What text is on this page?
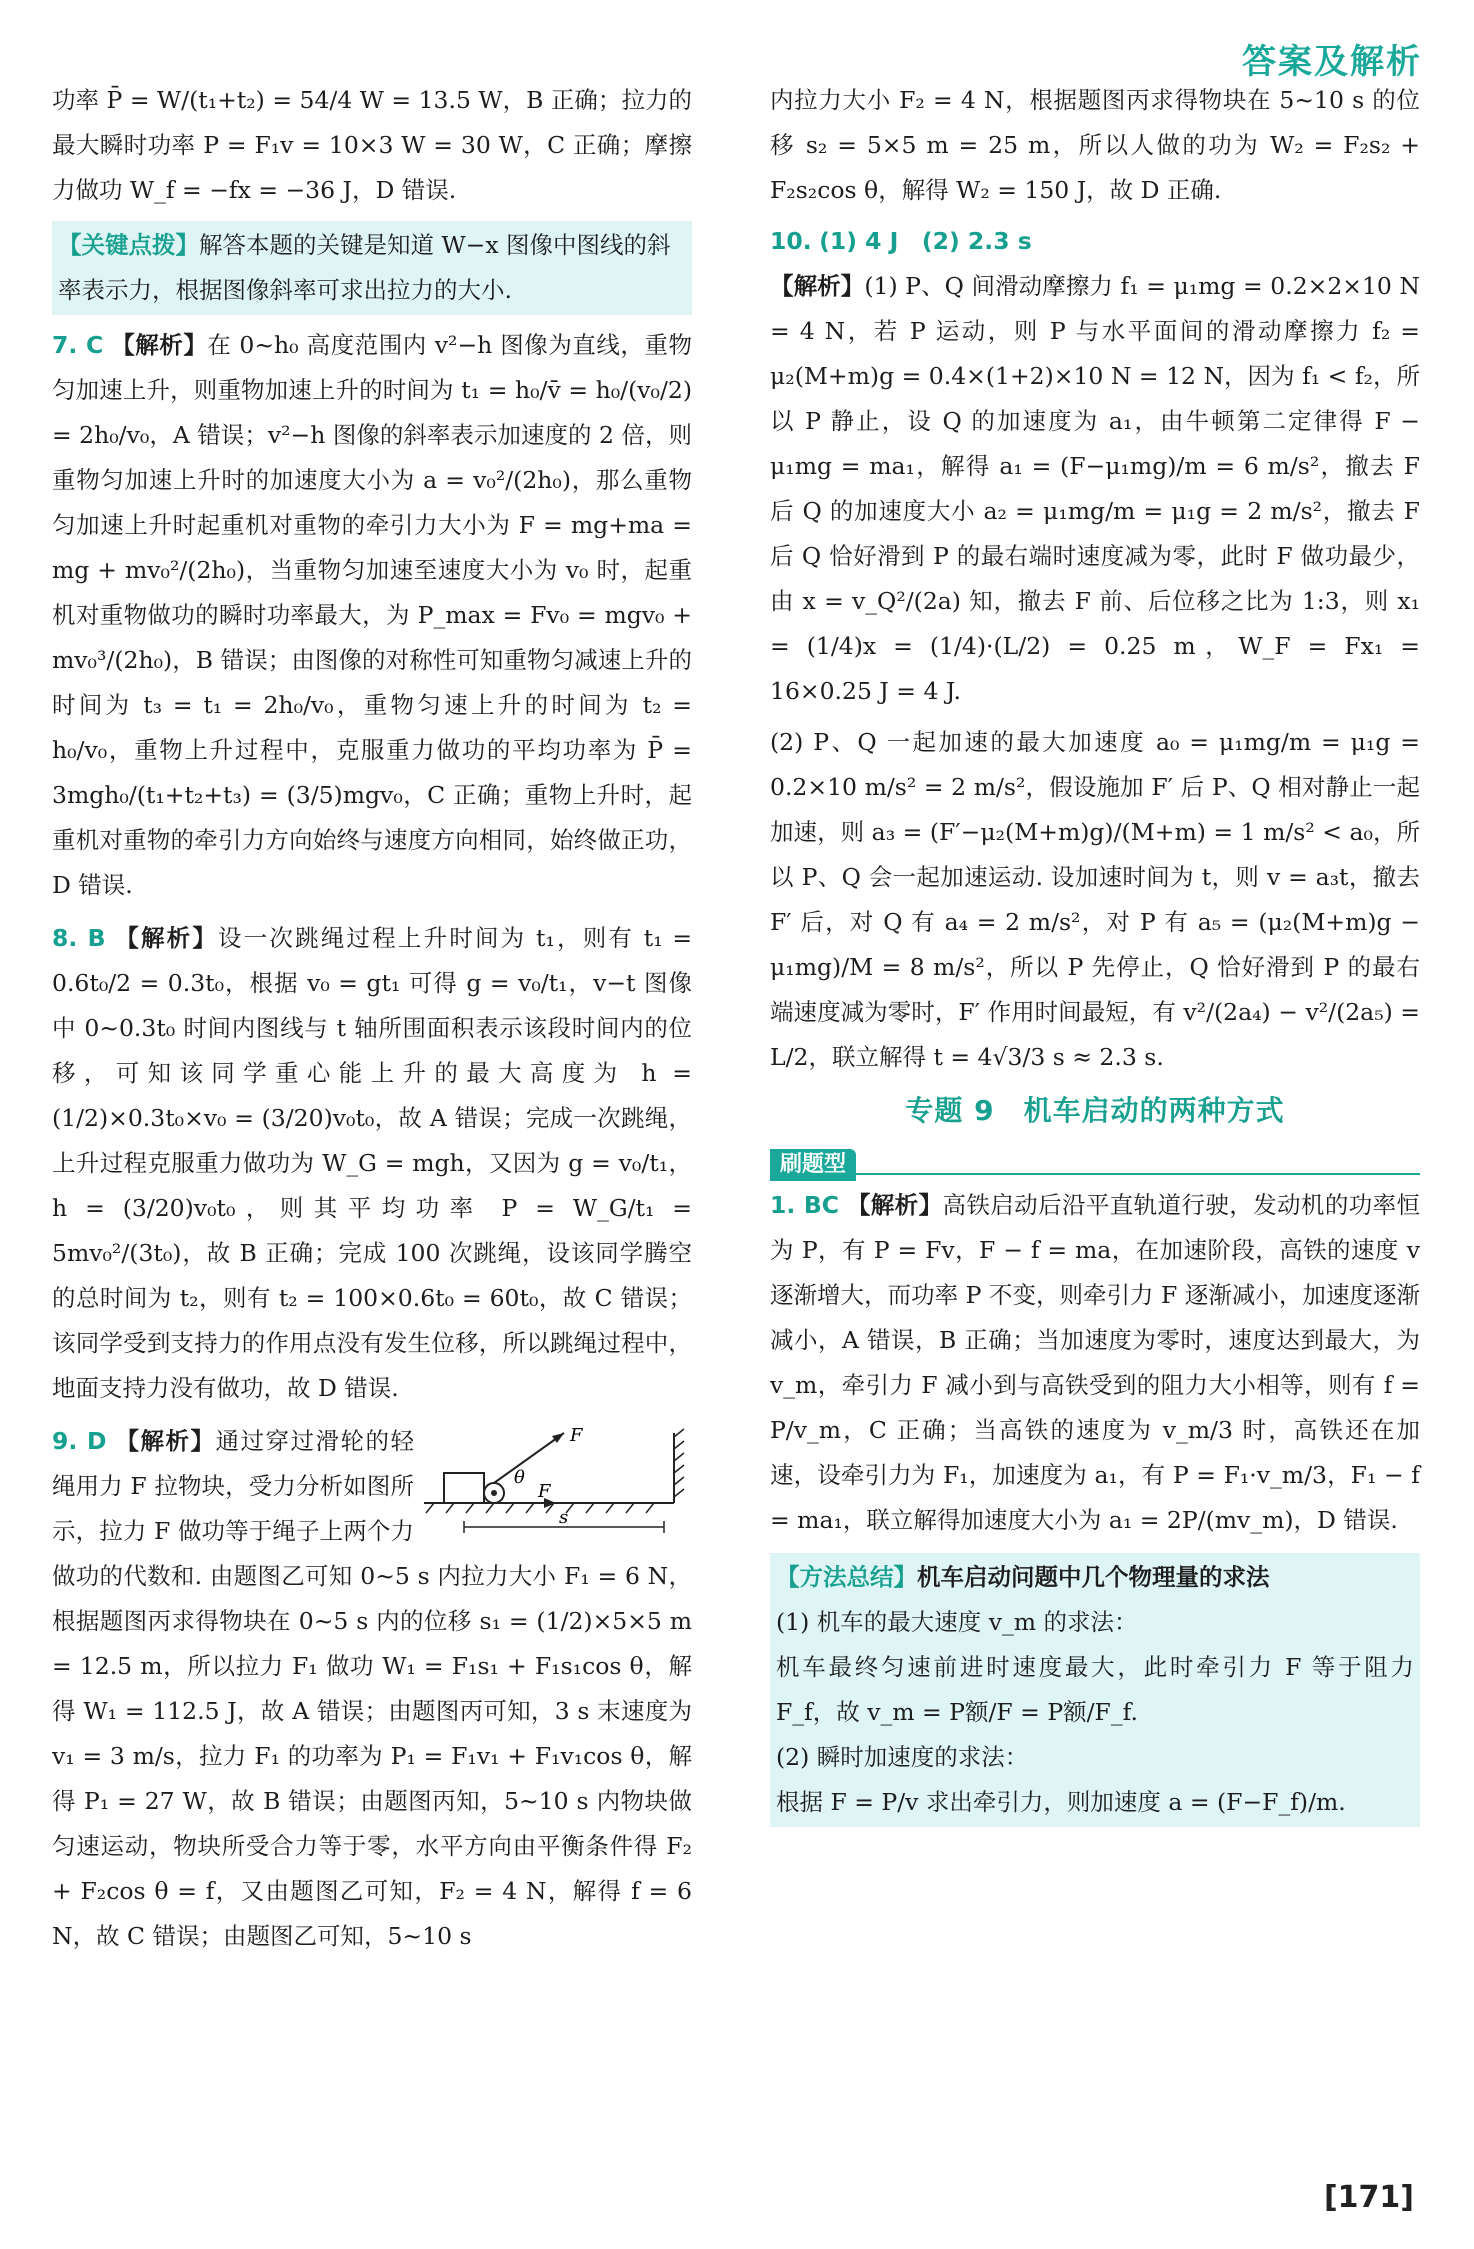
答案及解析

功率 P̄ = W/(t₁+t₂) = 54/4 W = 13.5 W，B 正确；拉力的最大瞬时功率 P = F₁v = 10×3 W = 30 W，C 正确；摩擦力做功 W_f = −fx = −36 J，D 错误.

【关键点拨】解答本题的关键是知道 W−x 图像中图线的斜率表示力，根据图像斜率可求出拉力的大小.

7. C 【解析】在 0~h₀ 高度范围内 v²−h 图像为直线，重物匀加速上升，则重物加速上升的时间为 t₁ = h₀/v̄ = h₀/(v₀/2) = 2h₀/v₀，A 错误；v²−h 图像的斜率表示加速度的 2 倍，则重物匀加速上升时的加速度大小为 a = v₀²/(2h₀)，那么重物匀加速上升时起重机对重物的牵引力大小为 F = mg+ma = mg + mv₀²/(2h₀)，当重物匀加速至速度大小为 v₀ 时，起重机对重物做功的瞬时功率最大，为 P_max = Fv₀ = mgv₀ + mv₀³/(2h₀)，B 错误；由图像的对称性可知重物匀减速上升的时间为 t₃ = t₁ = 2h₀/v₀，重物匀速上升的时间为 t₂ = h₀/v₀，重物上升过程中，克服重力做功的平均功率为 P̄ = 3mgh₀/(t₁+t₂+t₃) = (3/5)mgv₀，C 正确；重物上升时，起重机对重物的牵引力方向始终与速度方向相同，始终做正功，D 错误.

8. B 【解析】设一次跳绳过程上升时间为 t₁，则有 t₁ = 0.6t₀/2 = 0.3t₀，根据 v₀ = gt₁ 可得 g = v₀/t₁，v−t 图像中 0~0.3t₀ 时间内图线与 t 轴所围面积表示该段时间内的位移，可知该同学重心能上升的最大高度为 h = (1/2)×0.3t₀×v₀ = (3/20)v₀t₀，故 A 错误；完成一次跳绳，上升过程克服重力做功为 W_G = mgh，又因为 g = v₀/t₁，h = (3/20)v₀t₀，则其平均功率 P = W_G/t₁ = 5mv₀²/(3t₀)，故 B 正确；完成 100 次跳绳，设该同学腾空的总时间为 t₂，则有 t₂ = 100×0.6t₀ = 60t₀，故 C 错误；该同学受到支持力的作用点没有发生位移，所以跳绳过程中，地面支持力没有做功，故 D 错误.

F
θ
F
s
9. D 【解析】通过穿过滑轮的轻绳用力 F 拉物块，受力分析如图所示，拉力 F 做功等于绳子上两个力做功的代数和. 由题图乙可知 0~5 s 内拉力大小 F₁ = 6 N，根据题图丙求得物块在 0~5 s 内的位移 s₁ = (1/2)×5×5 m = 12.5 m，所以拉力 F₁ 做功 W₁ = F₁s₁ + F₁s₁cos θ，解得 W₁ = 112.5 J，故 A 错误；由题图丙可知，3 s 末速度为 v₁ = 3 m/s，拉力 F₁ 的功率为 P₁ = F₁v₁ + F₁v₁cos θ，解得 P₁ = 27 W，故 B 错误；由题图丙知，5~10 s 内物块做匀速运动，物块所受合力等于零，水平方向由平衡条件得 F₂ + F₂cos θ = f，又由题图乙可知，F₂ = 4 N，解得 f = 6 N，故 C 错误；由题图乙可知，5~10 s

内拉力大小 F₂ = 4 N，根据题图丙求得物块在 5~10 s 的位移 s₂ = 5×5 m = 25 m，所以人做的功为 W₂ = F₂s₂ + F₂s₂cos θ，解得 W₂ = 150 J，故 D 正确.

10. (1) 4 J　(2) 2.3 s

【解析】(1) P、Q 间滑动摩擦力 f₁ = μ₁mg = 0.2×2×10 N = 4 N，若 P 运动，则 P 与水平面间的滑动摩擦力 f₂ = μ₂(M+m)g = 0.4×(1+2)×10 N = 12 N，因为 f₁ < f₂，所以 P 静止，设 Q 的加速度为 a₁，由牛顿第二定律得 F − μ₁mg = ma₁，解得 a₁ = (F−μ₁mg)/m = 6 m/s²，撤去 F 后 Q 的加速度大小 a₂ = μ₁mg/m = μ₁g = 2 m/s²，撤去 F 后 Q 恰好滑到 P 的最右端时速度减为零，此时 F 做功最少，由 x = v_Q²/(2a) 知，撤去 F 前、后位移之比为 1:3，则 x₁ = (1/4)x = (1/4)·(L/2) = 0.25 m，W_F = Fx₁ = 16×0.25 J = 4 J.

(2) P、Q 一起加速的最大加速度 a₀ = μ₁mg/m = μ₁g = 0.2×10 m/s² = 2 m/s²，假设施加 F′ 后 P、Q 相对静止一起加速，则 a₃ = (F′−μ₂(M+m)g)/(M+m) = 1 m/s² < a₀，所以 P、Q 会一起加速运动. 设加速时间为 t，则 v = a₃t，撤去 F′ 后，对 Q 有 a₄ = 2 m/s²，对 P 有 a₅ = (μ₂(M+m)g − μ₁mg)/M = 8 m/s²，所以 P 先停止，Q 恰好滑到 P 的最右端速度减为零时，F′ 作用时间最短，有 v²/(2a₄) − v²/(2a₅) = L/2，联立解得 t = 4√3/3 s ≈ 2.3 s.

专题 9　机车启动的两种方式
刷题型

1. BC 【解析】高铁启动后沿平直轨道行驶，发动机的功率恒为 P，有 P = Fv，F − f = ma，在加速阶段，高铁的速度 v 逐渐增大，而功率 P 不变，则牵引力 F 逐渐减小，加速度逐渐减小，A 错误，B 正确；当加速度为零时，速度达到最大，为 v_m，牵引力 F 减小到与高铁受到的阻力大小相等，则有 f = P/v_m，C 正确；当高铁的速度为 v_m/3 时，高铁还在加速，设牵引力为 F₁，加速度为 a₁，有 P = F₁·v_m/3，F₁ − f = ma₁，联立解得加速度大小为 a₁ = 2P/(mv_m)，D 错误.

【方法总结】机车启动问题中几个物理量的求法

(1) 机车的最大速度 v_m 的求法：

机车最终匀速前进时速度最大，此时牵引力 F 等于阻力 F_f，故 v_m = P额/F = P额/F_f.

(2) 瞬时加速度的求法：

根据 F = P/v 求出牵引力，则加速度 a = (F−F_f)/m.

[171]
